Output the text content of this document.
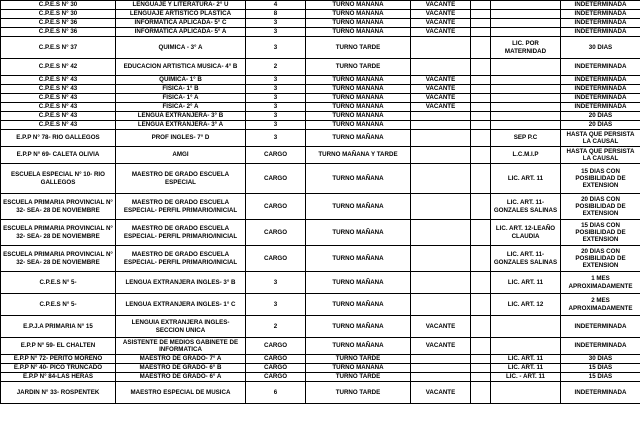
C.P.E.S N° 30	LENGUAJE Y LITERATURA- 2° U	4	TURNO MAÑANA	VACANTE			INDETERMINADA
C.P.E.S N° 30	LENGUAJE ARTISTICO PLASTICA	8	TURNO MAÑANA	VACANTE			INDETERMINADA
C.P.E.S N° 36	INFORMATICA APLICADA- 5° C	3	TURNO MAÑANA	VACANTE			INDETERMINADA
C.P.E.S N° 36	INFORMATICA APLICADA- 5° A	3	TURNO MAÑANA	VACANTE			INDETERMINADA
C.P.E.S N° 37	QUIMICA - 3° A	3	TURNO TARDE			LIC. POR MATERNIDAD	30 DIAS
C.P.E.S N° 42	EDUCACION ARTISTICA MUSICA- 4° B	2	TURNO TARDE				INDETERMINADA
C.P.E.S N° 43	QUIMICA- 1° B	3	TURNO MAÑANA	VACANTE			INDETERMINADA
C.P.E.S N° 43	FISICA- 1° B	3	TURNO MAÑANA	VACANTE			INDETERMINADA
C.P.E.S N° 43	FISICA- 1° A	3	TURNO MAÑANA	VACANTE			INDETERMINADA
C.P.E.S N° 43	FISICA- 2° A	3	TURNO MAÑANA	VACANTE			INDETERMINADA
C.P.E.S N° 43	LENGUA EXTRANJERA- 3° B	3	TURNO MAÑANA				20 DIAS
C.P.E.S N° 43	LENGUA EXTRANJERA- 3° A	3	TURNO MAÑANA				20 DIAS
E.P.P N° 78- RIO GALLEGOS	PROF INGLES- 7° D	3	TURNO MAÑANA			SEP P.C	HASTA QUE PERSISTA LA CAUSAL
E.P.P N° 69- CALETA OLIVIA	AMGI	CARGO	TURNO MAÑANA Y TARDE			L.C.M.I.P	HASTA QUE PERSISTA LA CAUSAL
ESCUELA ESPECIAL N° 10- RIO GALLEGOS	MAESTRO DE GRADO ESCUELA ESPECIAL	CARGO	TURNO MAÑANA			LIC. ART. 11	15 DIAS CON POSIBILIDAD DE EXTENSION
ESCUELA PRIMARIA PROVINCIAL N° 32- SEA- 28 DE NOVIEMBRE	MAESTRO DE GRADO ESCUELA ESPECIAL- PERFIL PRIMARIO/INICIAL	CARGO	TURNO MAÑANA			LIC. ART. 11- GONZALES SALINAS	20 DIAS CON POSIBILIDAD DE EXTENSION
ESCUELA PRIMARIA PROVINCIAL N° 32- SEA- 28 DE NOVIEMBRE	MAESTRO DE GRADO ESCUELA ESPECIAL- PERFIL PRIMARIO/INICIAL	CARGO	TURNO MAÑANA			LIC. ART. 12-LEAÑO CLAUDIA	15 DIAS CON POSIBILIDAD DE EXTENSION
ESCUELA PRIMARIA PROVINCIAL N° 32- SEA- 28 DE NOVIEMBRE	MAESTRO DE GRADO ESCUELA ESPECIAL- PERFIL PRIMARIO/INICIAL	CARGO	TURNO MAÑANA			LIC. ART. 11- GONZALES SALINAS	20 DIAS CON POSIBILIDAD DE EXTENSION
C.P.E.S N° 5-	LENGUA EXTRANJERA INGLES- 3° B	3	TURNO MAÑANA			LIC. ART. 11	1 MES APROXIMADAMENTE
C.P.E.S N° 5-	LENGUA EXTRANJERA INGLES- 1° C	3	TURNO MAÑANA			LIC. ART. 12	2 MES APROXIMADAMENTE
E.P.J.A PRIMARIA N° 15	LENGUIA EXTRANJERA INGLES- SECCION UNICA	2	TURNO MAÑANA	VACANTE			INDETERMINADA
E.P.P N° 59- EL CHALTEN	ASISTENTE DE MEDIOS GABINETE DE INFORMATICA	CARGO	TURNO MAÑANA	VACANTE			INDETERMINADA
E.P.P N° 72- PERITO MORENO	MAESTRO DE GRADO- 7° A	CARGO	TURNO TARDE			LIC. ART. 11	30 DIAS
E.P.P N° 40- PICO TRUNCADO	MAESTRO DE GRADO- 6° B	CARGO	TURNO MAÑANA			LIC. ART. 11	15 DIAS
E.P.P N° 84-LAS HERAS	MAESTRO DE GRADO- 6° A	CARGO	TURNO TARDE			LIC. - ART. 11	15 DIAS
JARDIN N° 33- ROSPENTEK	MAESTRO ESPECIAL DE MUSICA	6	TURNO TARDE	VACANTE			INDETERMINADA
